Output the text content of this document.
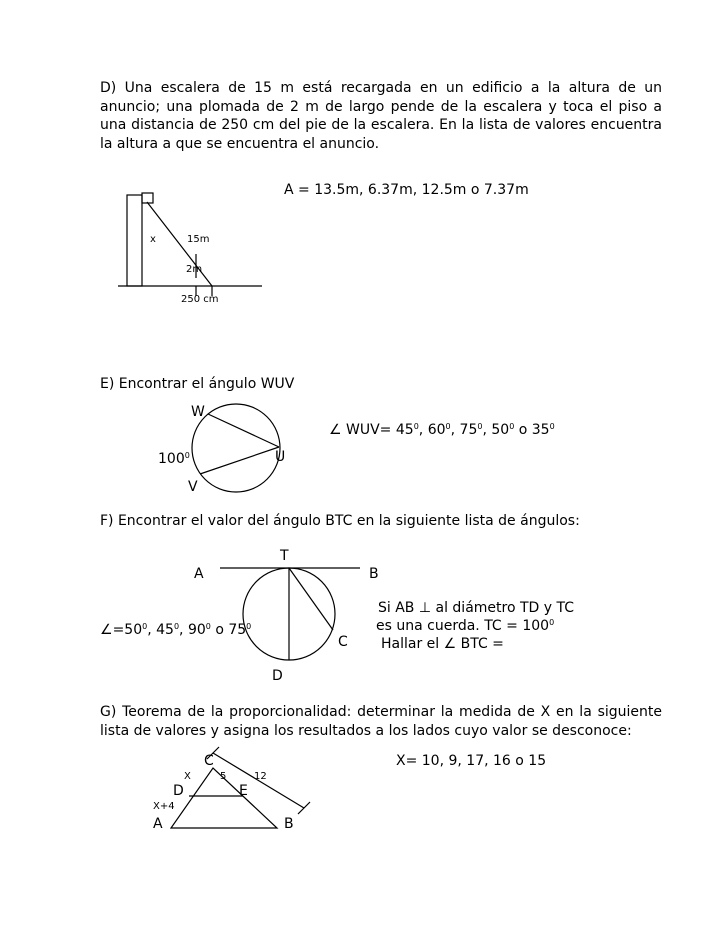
D) Una escalera de 15 m está recargada en un edificio a la altura de un anuncio; una plomada de 2 m de largo pende de la escalera y toca el piso a una distancia de 250 cm del pie de la escalera. En la lista de valores encuentra la altura a que se encuentra el anuncio.
A = 13.5m, 6.37m, 12.5m o 7.37m
x	15m
2m
250 cm
E) Encontrar el ángulo WUV
W
V
U
$100^0$
∠ $WUV= 45^0$, $60^0$, $75^0$, $50^0$ o $35^0$
F) Encontrar el valor del ángulo BTC en la siguiente lista de ángulos:
T
A	B
C
D
$\angle=50^0$, $45^0$, $90^0$ o $75^0$
Si AB ⊥ al diámetro TD y TC
es una cuerda. TC = $100^0$
Hallar el ∠ BTC =
G) Teorema de la proporcionalidad: determinar la medida de X en la siguiente lista de valores y asigna los resultados a los lados cuyo valor se desconoce:
C
X	5	12
D	E
X+4
A	B
X= 10, 9, 17, 16 o 15
